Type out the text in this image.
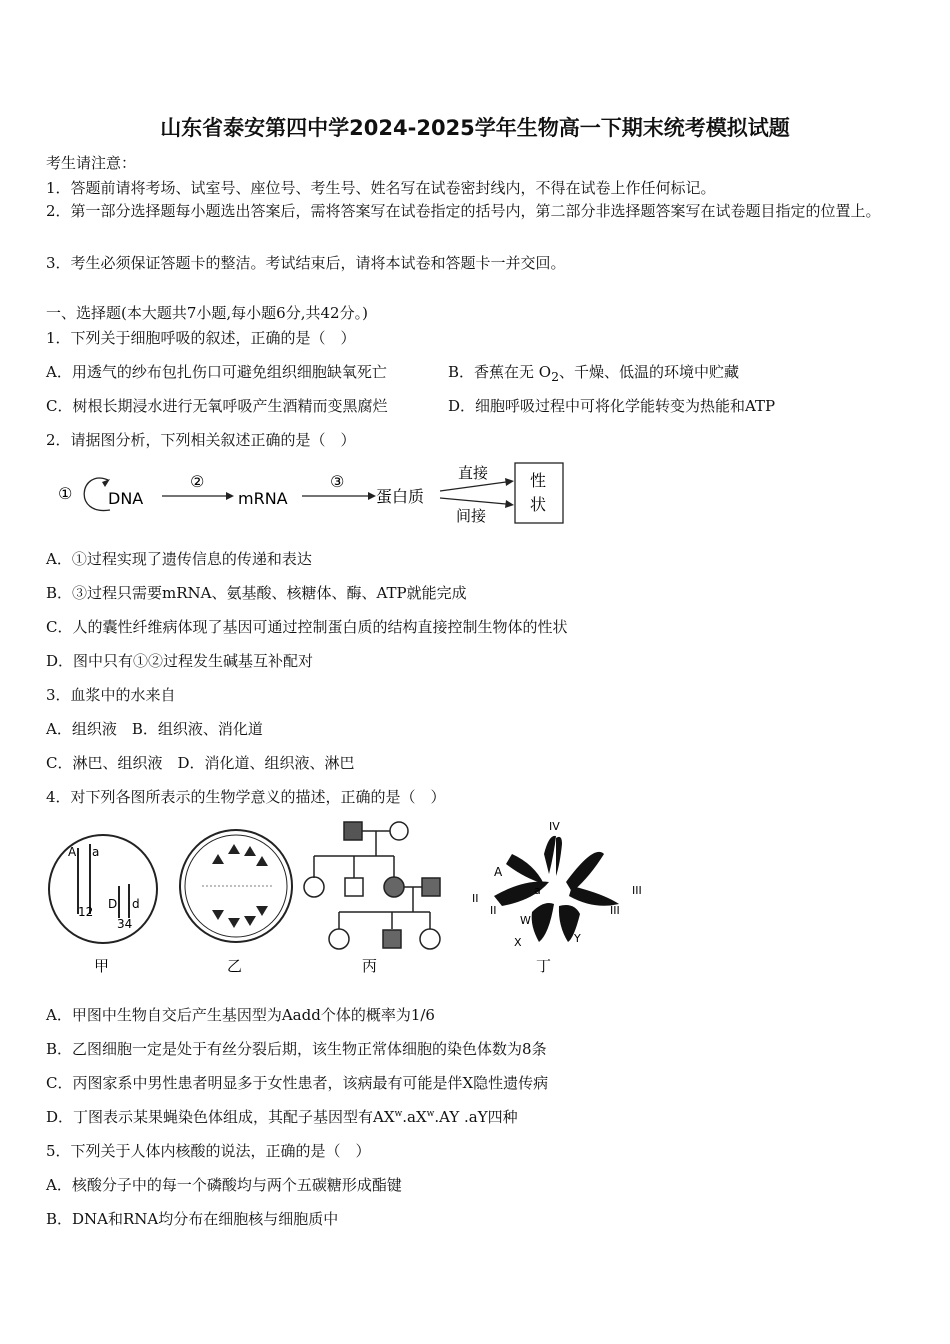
山东省泰安第四中学2024-2025学年生物高一下期末统考模拟试题
考生请注意：
1．答题前请将考场、试室号、座位号、考生号、姓名写在试卷密封线内，不得在试卷上作任何标记。
2．第一部分选择题每小题选出答案后，需将答案写在试卷指定的括号内，第二部分非选择题答案写在试卷题目指定的位置上。
3．考生必须保证答题卡的整洁。考试结束后，请将本试卷和答题卡一并交回。
一、选择题(本大题共7小题,每小题6分,共42分。)
1．下列关于细胞呼吸的叙述，正确的是（　）
A．用透气的纱布包扎伤口可避免组织细胞缺氧死亡	B．香蕉在无 $O_2$、千燥、低温的环境中贮藏
C．树根长期浸水进行无氧呼吸产生酒精而变黑腐烂	D．细胞呼吸过程中可将化学能转变为热能和ATP
2．请据图分析，下列相关叙述正确的是（　）
① DNA
②
mRNA
③
蛋白质
直接
间接
性
状
A．①过程实现了遗传信息的传递和表达
B．③过程只需要mRNA、氨基酸、核糖体、酶、ATP就能完成
C．人的囊性纤维病体现了基因可通过控制蛋白质的结构直接控制生物体的性状
D．图中只有①②过程发生碱基互补配对
3．血浆中的水来自
A．组织液　B．组织液、消化道
C．淋巴、组织液　D．消化道、组织液、淋巴
4．对下列各图所表示的生物学意义的描述，正确的是（　）
A a
12
D d
34
甲	乙	丙
IV
II
II
III
III
A
a
W
X	Y
丁
A．甲图中生物自交后产生基因型为Aadd个体的概率为1/6
B．乙图细胞一定是处于有丝分裂后期，该生物正常体细胞的染色体数为8条
C．丙图家系中男性患者明显多于女性患者，该病最有可能是伴X隐性遗传病
D．丁图表示某果蝇染色体组成，其配子基因型有$AX^w.aX^w.AY$ .aY四种
5．下列关于人体内核酸的说法，正确的是（　）
A．核酸分子中的每一个磷酸均与两个五碳糖形成酯键
B．DNA和RNA均分布在细胞核与细胞质中
